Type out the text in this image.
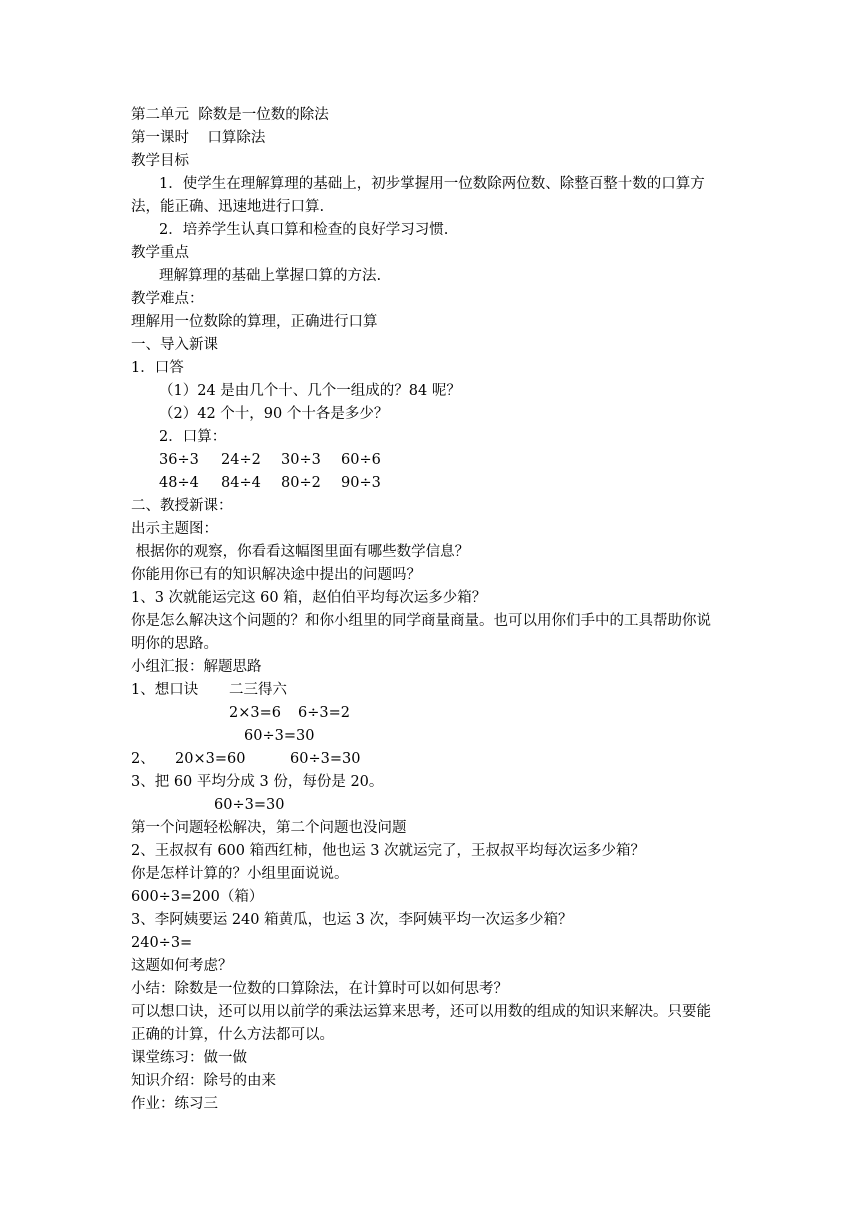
第二单元  除数是一位数的除法
第一课时    口算除法
教学目标
1．使学生在理解算理的基础上，初步掌握用一位数除两位数、除整百整十数的口算方
法，能正确、迅速地进行口算.
2．培养学生认真口算和检查的良好学习习惯.
教学重点
理解算理的基础上掌握口算的方法.
教学难点：
理解用一位数除的算理，正确进行口算
一、导入新课
1．口答
（1）24 是由几个十、几个一组成的？84 呢？
（2）42 个十，90 个十各是多少？
2．口算：
36÷3 24÷2 30÷3 60÷6
48÷4 84÷4 80÷2 90÷3
二、教授新课：
出示主题图：
根据你的观察，你看看这幅图里面有哪些数学信息？
你能用你已有的知识解决途中提出的问题吗？
1、3 次就能运完这 60 箱，赵伯伯平均每次运多少箱？
你是怎么解决这个问题的？和你小组里的同学商量商量。也可以用你们手中的工具帮助你说
明你的思路。
小组汇报：解题思路
1、想口诀 二三得六
2×3=6 6÷3=2
60÷3=30
2、 20×3=60	60÷3=30
3、把 60 平均分成 3 份，每份是 20。
60÷3=30
第一个问题轻松解决，第二个问题也没问题
2、王叔叔有 600 箱西红柿，他也运 3 次就运完了，王叔叔平均每次运多少箱？
你是怎样计算的？小组里面说说。
600÷3=200（箱）
3、李阿姨要运 240 箱黄瓜，也运 3 次，李阿姨平均一次运多少箱？
240÷3=
这题如何考虑？
小结：除数是一位数的口算除法，在计算时可以如何思考？
可以想口诀，还可以用以前学的乘法运算来思考，还可以用数的组成的知识来解决。只要能
正确的计算，什么方法都可以。
课堂练习：做一做
知识介绍：除号的由来
作业：练习三
